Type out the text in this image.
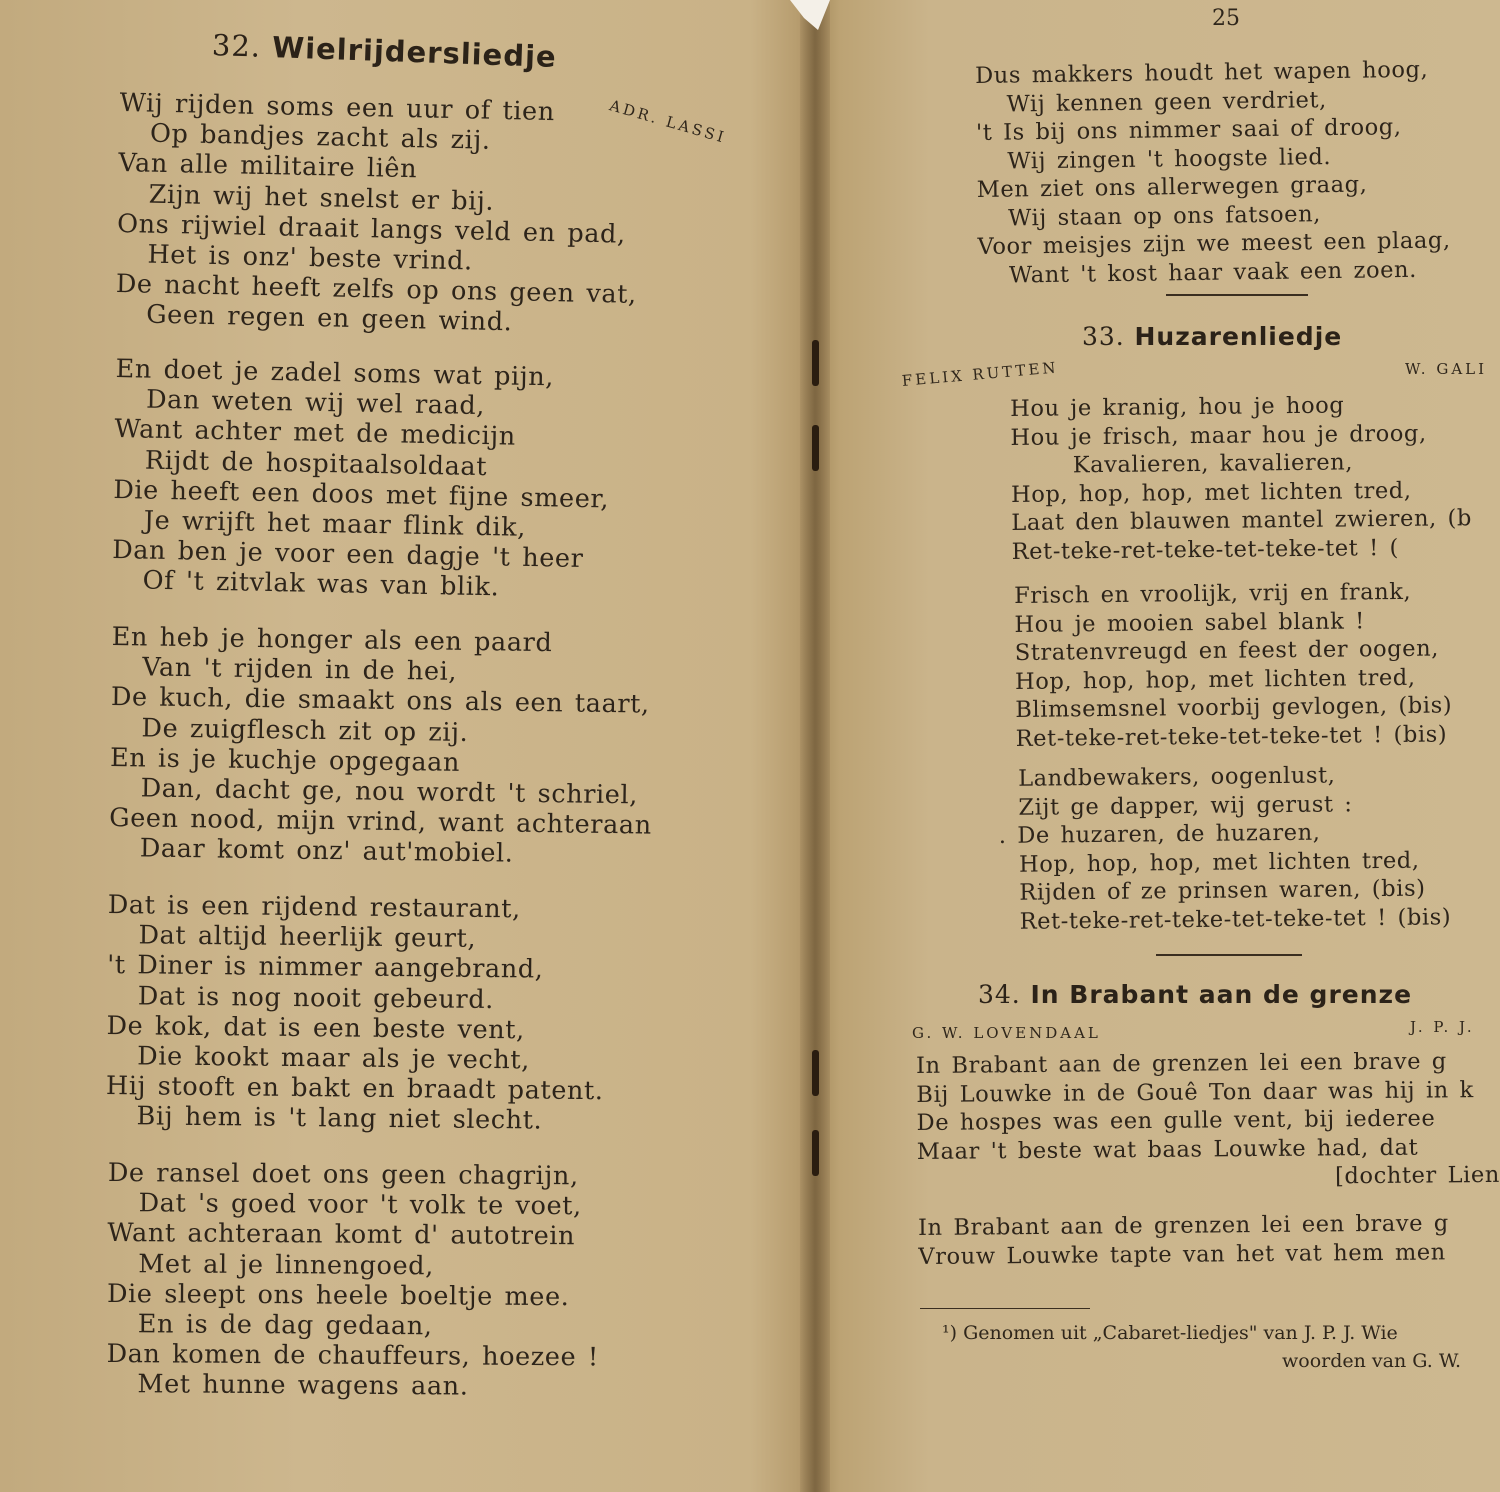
32. Wielrijdersliedje
ADR. LASSI
Wij rijden soms een uur of tien
Op bandjes zacht als zij.
Van alle militaire liên
Zijn wij het snelst er bij.
Ons rijwiel draait langs veld en pad,
Het is onz' beste vrind.
De nacht heeft zelfs op ons geen vat,
Geen regen en geen wind.
En doet je zadel soms wat pijn,
Dan weten wij wel raad,
Want achter met de medicijn
Rijdt de hospitaalsoldaat
Die heeft een doos met fijne smeer,
Je wrijft het maar flink dik,
Dan ben je voor een dagje 't heer
Of 't zitvlak was van blik.
En heb je honger als een paard
Van 't rijden in de hei,
De kuch, die smaakt ons als een taart,
De zuigflesch zit op zij.
En is je kuchje opgegaan
Dan, dacht ge, nou wordt 't schriel,
Geen nood, mijn vrind, want achteraan
Daar komt onz' aut'mobiel.
Dat is een rijdend restaurant,
Dat altijd heerlijk geurt,
't Diner is nimmer aangebrand,
Dat is nog nooit gebeurd.
De kok, dat is een beste vent,
Die kookt maar als je vecht,
Hij stooft en bakt en braadt patent.
Bij hem is 't lang niet slecht.
De ransel doet ons geen chagrijn,
Dat 's goed voor 't volk te voet,
Want achteraan komt d' autotrein
Met al je linnengoed,
Die sleept ons heele boeltje mee.
En is de dag gedaan,
Dan komen de chauffeurs, hoezee !
Met hunne wagens aan.
25
Dus makkers houdt het wapen hoog,
Wij kennen geen verdriet,
't Is bij ons nimmer saai of droog,
Wij zingen 't hoogste lied.
Men ziet ons allerwegen graag,
Wij staan op ons fatsoen,
Voor meisjes zijn we meest een plaag,
Want 't kost haar vaak een zoen.
33. Huzarenliedje
FELIX RUTTEN	W. GALI
Hou je kranig, hou je hoog
Hou je frisch, maar hou je droog,
Kavalieren, kavalieren,
Hop, hop, hop, met lichten tred,
Laat den blauwen mantel zwieren, (b
Ret-teke-ret-teke-tet-teke-tet ! (
Frisch en vroolijk, vrij en frank,
Hou je mooien sabel blank !
Stratenvreugd en feest der oogen,
Hop, hop, hop, met lichten tred,
Blimsemsnel voorbij gevlogen, (bis)
Ret-teke-ret-teke-tet-teke-tet ! (bis)
Landbewakers, oogenlust,
Zijt ge dapper, wij gerust :
. De huzaren, de huzaren,
Hop, hop, hop, met lichten tred,
Rijden of ze prinsen waren, (bis)
Ret-teke-ret-teke-tet-teke-tet ! (bis)
34. In Brabant aan de grenze
G. W. LOVENDAAL	J. P. J.
In Brabant aan de grenzen lei een brave g
Bij Louwke in de Gouê Ton daar was hij in k
De hospes was een gulle vent, bij iederee
Maar 't beste wat baas Louwke had, dat
[dochter Lien
In Brabant aan de grenzen lei een brave g
Vrouw Louwke tapte van het vat hem men
¹) Genomen uit „Cabaret-liedjes" van J. P. J. Wie
woorden van G. W.
